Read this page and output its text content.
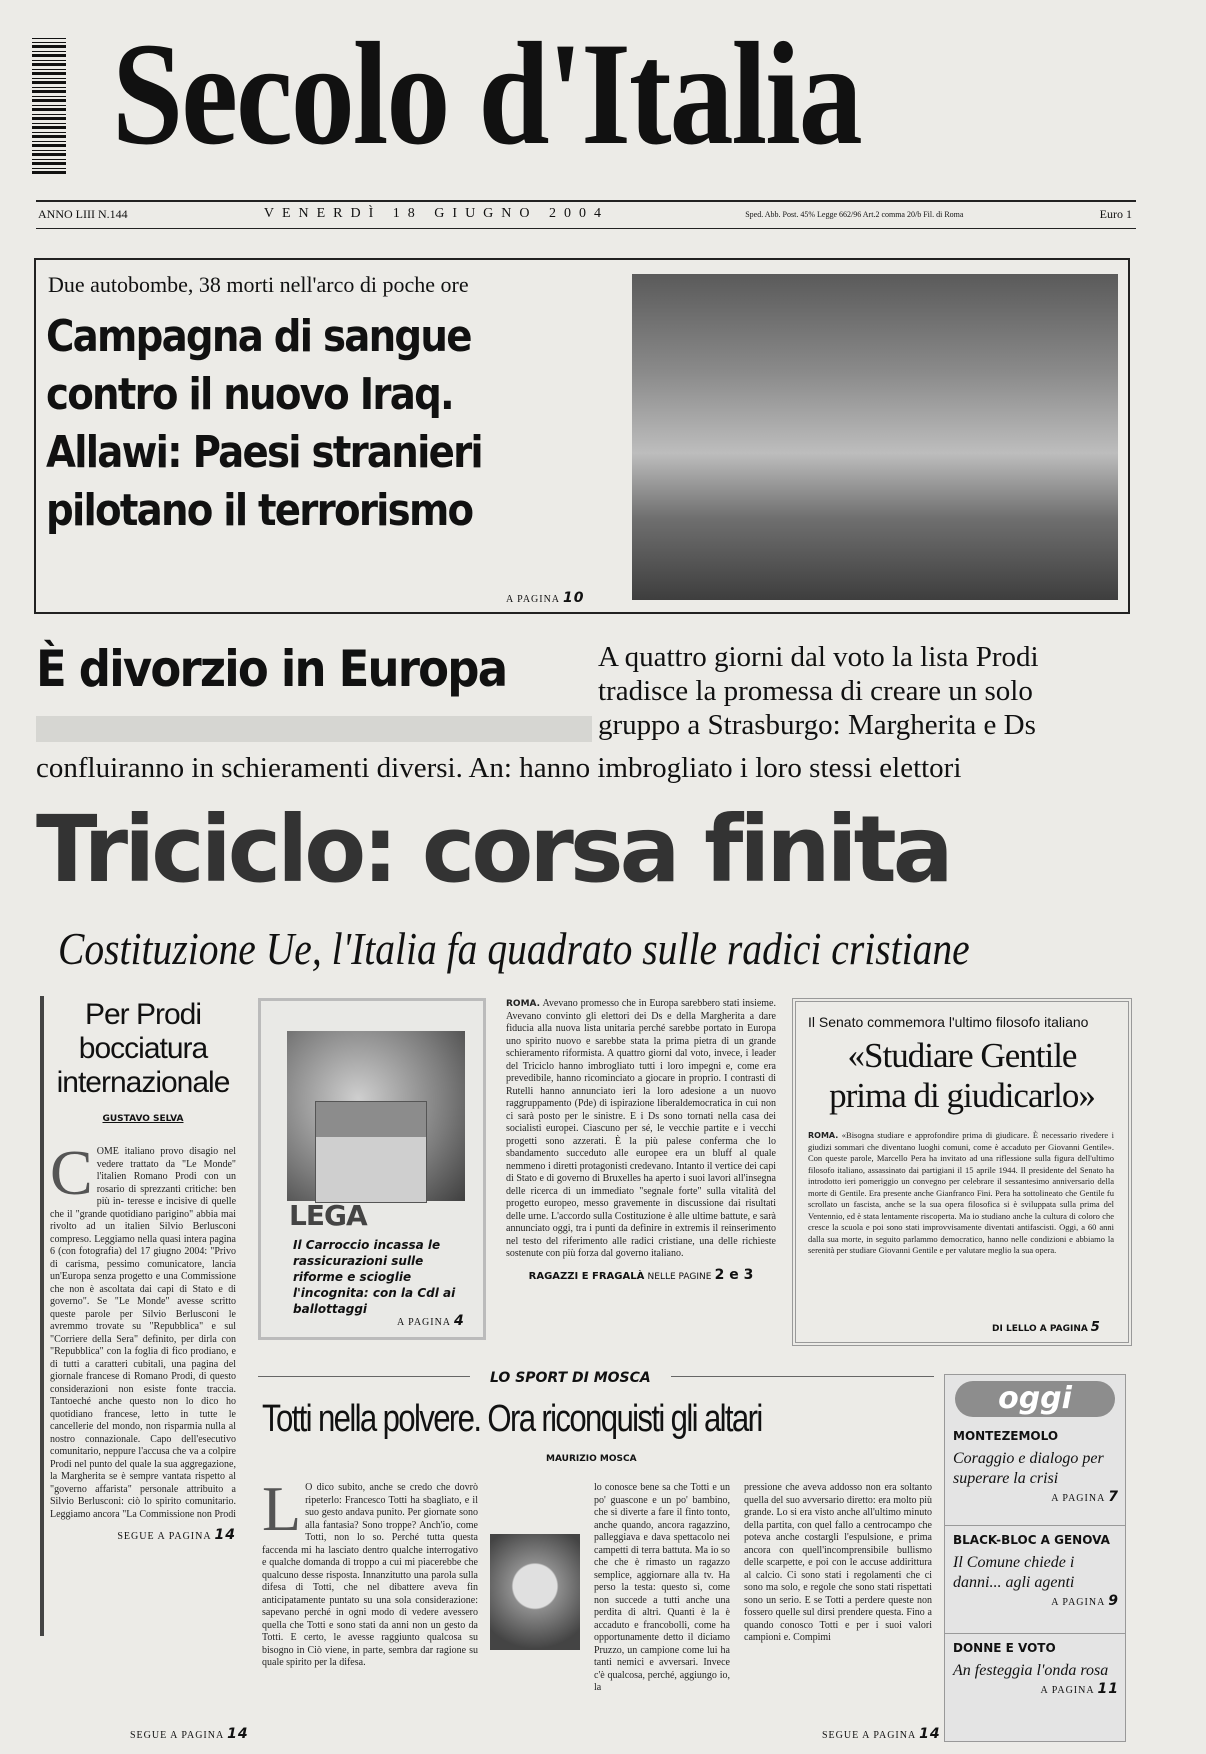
Secolo d'Italia
ANNO LIII N.144	VENERDÌ 18 GIUGNO 2004	Sped. Abb. Post. 45% Legge 662/96 Art.2 comma 20/b Fil. di Roma	Euro 1
Due autobombe, 38 morti nell'arco di poche ore
Campagna di sangue
contro il nuovo Iraq.
Allawi: Paesi stranieri
pilotano il terrorismo
A PAGINA 10
È divorzio in Europa	A quattro giorni dal voto la lista Prodi
tradisce la promessa di creare un solo
gruppo a Strasburgo: Margherita e Ds
confluiranno in schieramenti diversi. An: hanno imbrogliato i loro stessi elettori
Triciclo: corsa finita
Costituzione Ue, l'Italia fa quadrato sulle radici cristiane
Per Prodi
bocciatura
internazionale
GUSTAVO SELVA
C OME italiano provo disagio nel vedere trattato da "Le Monde" l'italien Romano Prodi con un rosario di sprezzanti critiche: ben più in- teresse e incisive di quelle che il "grande quotidiano parigino" abbia mai rivolto ad un italien Silvio Berlusconi compreso. Leggiamo nella quasi intera pagina 6 (con fotografia) del 17 giugno 2004: "Privo di carisma, pessimo comunicatore, lancia un'Europa senza progetto e una Commissione che non è ascoltata dai capi di Stato e di governo". Se "Le Monde" avesse scritto queste parole per Silvio Berlusconi le avremmo trovate su "Repubblica" e sul "Corriere della Sera" definito, per dirla con "Repubblica" con la foglia di fico prodiano, e di tutti a caratteri cubitali, una pagina del giornale francese di Romano Prodi, di questo considerazioni non esiste fonte traccia. Tantoeché anche questo non lo dico ho quotidiano francese, letto in tutte le cancellerie del mondo, non risparmia nulla al nostro connazionale. Capo dell'esecutivo comunitario, neppure l'accusa che va a colpire Prodi nel punto del quale la sua aggregazione, la Margherita se è sempre vantata rispetto al "governo affarista" personale attribuito a Silvio Berlusconi: ciò lo spirito comunitario. Leggiamo ancora "La Commissione non Prodi
SEGUE A PAGINA 14
LEGA
Il Carroccio incassa le rassicurazioni sulle riforme e scioglie l'incognita: con la Cdl ai ballottaggi
A PAGINA 4
ROMA. Avevano promesso che in Europa sarebbero stati insieme. Avevano convinto gli elettori dei Ds e della Margherita a dare fiducia alla nuova lista unitaria perché sarebbe portato in Europa uno spirito nuovo e sarebbe stata la prima pietra di un grande schieramento riformista. A quattro giorni dal voto, invece, i leader del Triciclo hanno imbrogliato tutti i loro impegni e, come era prevedibile, hanno ricominciato a giocare in proprio. I contrasti di Rutelli hanno annunciato ieri la loro adesione a un nuovo raggruppamento (Pde) di ispirazione liberaldemocratica in cui non ci sarà posto per le sinistre. E i Ds sono tornati nella casa dei socialisti europei. Ciascuno per sé, le vecchie partite e i vecchi progetti sono azzerati. È la più palese conferma che lo sbandamento succeduto alle europee era un bluff al quale nemmeno i diretti protagonisti credevano. Intanto il vertice dei capi di Stato e di governo di Bruxelles ha aperto i suoi lavori all'insegna delle ricerca di un immediato "segnale forte" sulla vitalità del progetto europeo, messo gravemente in discussione dai risultati delle urne. L'accordo sulla Costituzione è alle ultime battute, e sarà annunciato oggi, tra i punti da definire in extremis il reinserimento nel testo del riferimento alle radici cristiane, una delle richieste sostenute con più forza dal governo italiano.
RAGAZZI E FRAGALÀ NELLE PAGINE 2 e 3
Il Senato commemora l'ultimo filosofo italiano
«Studiare Gentile
prima di giudicarlo»
ROMA. «Bisogna studiare e approfondire prima di giudicare. È necessario rivedere i giudizi sommari che diventano luoghi comuni, come è accaduto per Giovanni Gentile». Con queste parole, Marcello Pera ha invitato ad una riflessione sulla figura dell'ultimo filosofo italiano, assassinato dai partigiani il 15 aprile 1944. Il presidente del Senato ha introdotto ieri pomeriggio un convegno per celebrare il sessantesimo anniversario della morte di Gentile. Era presente anche Gianfranco Fini. Pera ha sottolineato che Gentile fu scrollato un fascista, anche se la sua opera filosofica si è sviluppata sulla prima del Ventennio, ed è stata lentamente riscoperta. Ma io studiano anche la cultura di coloro che cresce la scuola e poi sono stati improvvisamente diventati antifascisti. Oggi, a 60 anni dalla sua morte, in seguito parlammo democratico, hanno nelle condizioni e abbiamo la serenità per studiare Giovanni Gentile e per valutare meglio la sua opera.
DI LELLO A PAGINA 5
LO SPORT DI MOSCA
Totti nella polvere. Ora riconquisti gli altari
MAURIZIO MOSCA
L O dico subito, anche se credo che dovrò ripeterlo: Francesco Totti ha sbagliato, e il suo gesto andava punito. Per giornate sono alla fantasia? Sono troppe? Anch'io, come Totti, non lo so. Perché tutta questa faccenda mi ha lasciato dentro qualche interrogativo e qualche domanda di troppo a cui mi piacerebbe che qualcuno desse risposta. Innanzitutto una parola sulla difesa di Totti, che nel dibattere aveva fin anticipatamente puntato su una sola considerazione: sapevano perché in ogni modo di vedere avessero quella che Totti e sono stati da anni non un gesto da Totti. E certo, le avesse raggiunto qualcosa su bisogno in Ciò viene, in parte, sembra dar ragione su quale spirito per la difesa.
lo conosce bene sa che Totti e un po' guascone e un po' bambino, che si diverte a fare il finto tonto, anche quando, ancora ragazzino, palleggiava e dava spettacolo nei campetti di terra battuta. Ma io so che che è rimasto un ragazzo semplice, aggiornare alla tv. Ha perso la testa: questo sì, come non succede a tutti anche una perdita di altri. Quanti è la è accaduto e francobolli, come ha opportunamente detto il diciamo Pruzzo, un campione come lui ha tanti nemici e avversari. Invece c'è qualcosa, perché, aggiungo io, la
pressione che aveva addosso non era soltanto quella del suo avversario diretto: era molto più grande. Lo si era visto anche all'ultimo minuto della partita, con quel fallo a centrocampo che poteva anche costargli l'espulsione, e prima ancora con quell'incomprensibile bullismo delle scarpette, e poi con le accuse addirittura al calcio. Ci sono stati i regolamenti che ci sono ma solo, e regole che sono stati rispettati sono un serio. E se Totti a perdere queste non fossero quelle sul dirsi prendere questa. Fino a quando conosco Totti e per i suoi valori campioni e. Compimi
SEGUE A PAGINA 14
SEGUE A PAGINA 14
oggi
MONTEZEMOLO

Coraggio e dialogo per superare la crisi

A PAGINA 7
BLACK-BLOC A GENOVA

Il Comune chiede i danni... agli agenti

A PAGINA 9
DONNE E VOTO

An festeggia l'onda rosa

A PAGINA 11
